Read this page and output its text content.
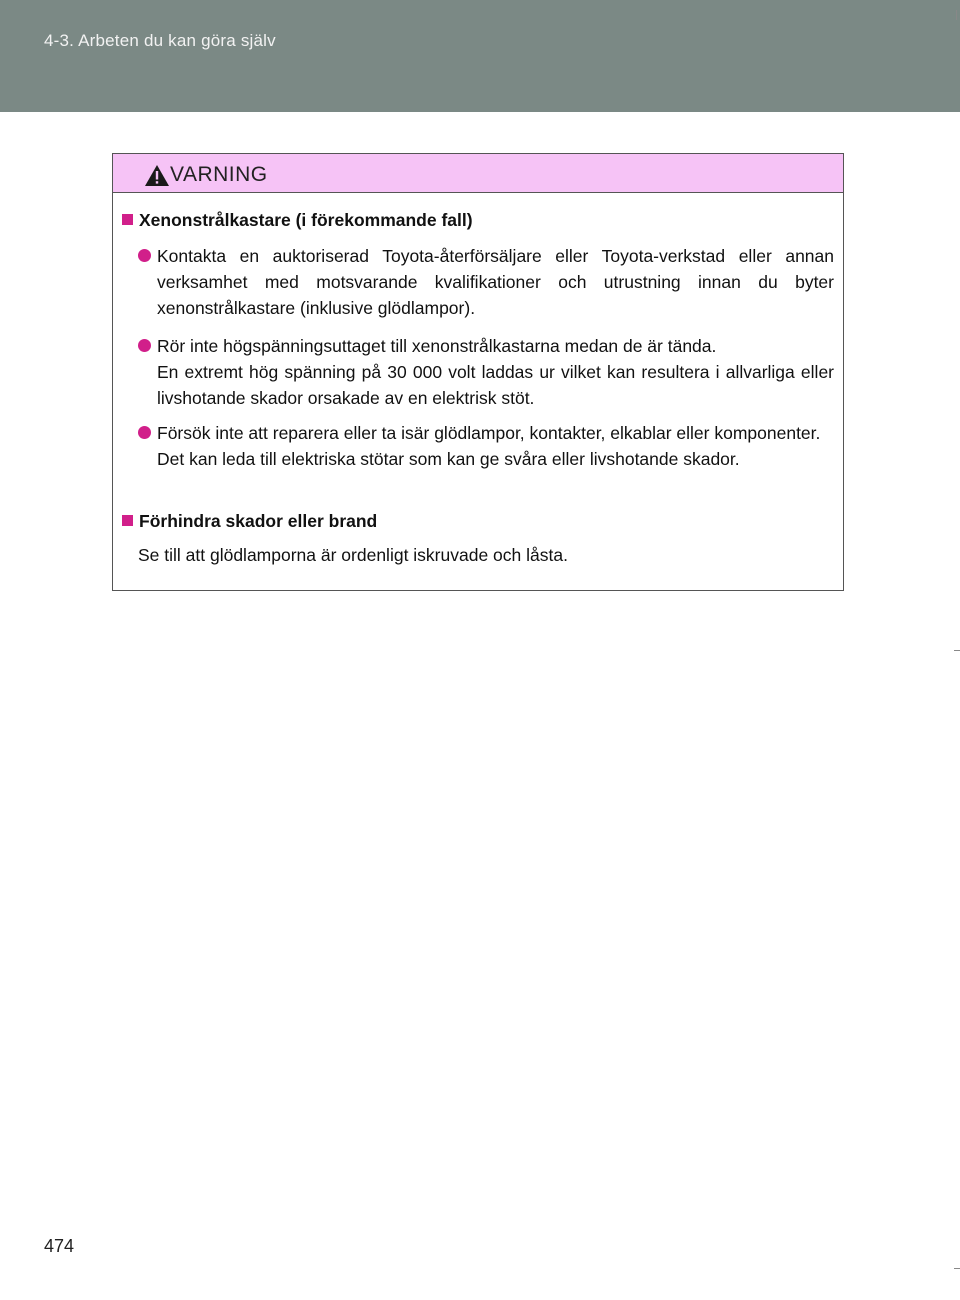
4-3. Arbeten du kan göra själv
VARNING
Xenonstrålkastare (i förekommande fall)

Kontakta en auktoriserad Toyota-återförsäljare eller Toyota-verkstad eller annan verksamhet med motsvarande kvalifikationer och utrustning innan du byter xenonstrålkastare (inklusive glödlampor).

Rör inte högspänningsuttaget till xenonstrålkastarna medan de är tända.

En extremt hög spänning på 30 000 volt laddas ur vilket kan resultera i allvarliga eller livshotande skador orsakade av en elektrisk stöt.

Försök inte att reparera eller ta isär glödlampor, kontakter, elkablar eller komponenter.

Det kan leda till elektriska stötar som kan ge svåra eller livshotande skador.

Förhindra skador eller brand
Se till att glödlamporna är ordenligt iskruvade och låsta.
474
